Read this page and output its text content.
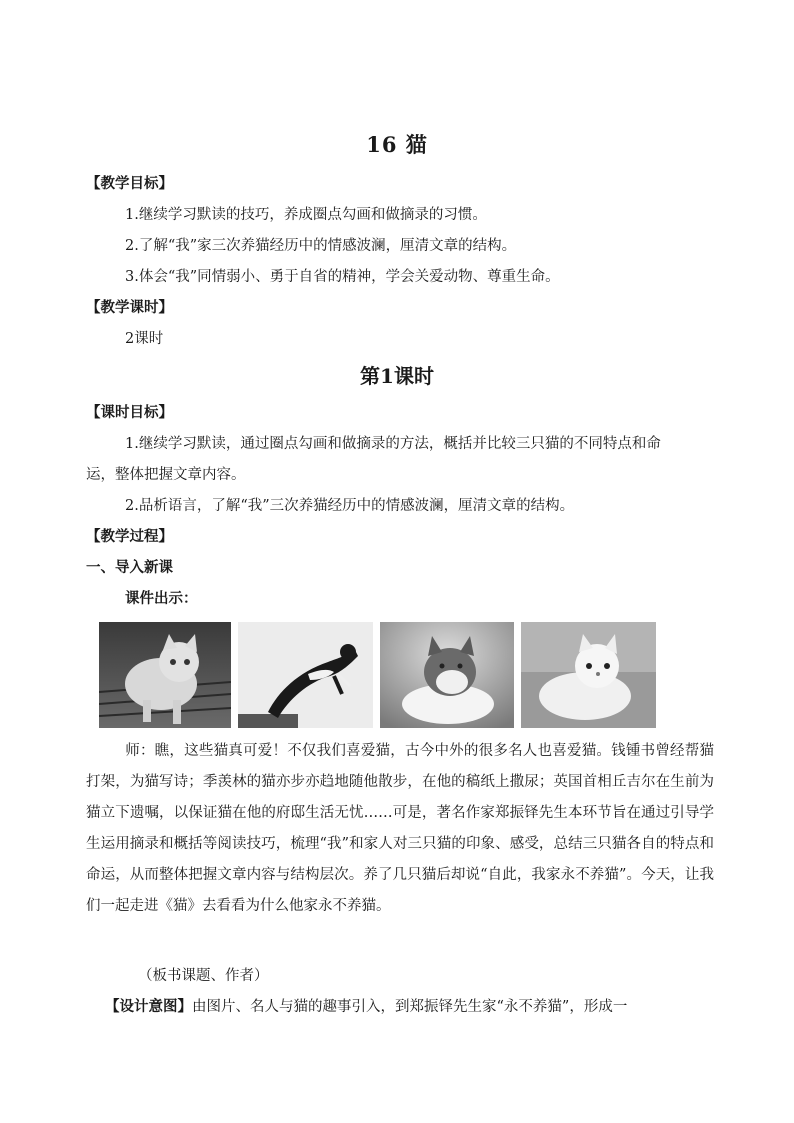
16 猫
【教学目标】
1.继续学习默读的技巧，养成圈点勾画和做摘录的习惯。
2.了解“我”家三次养猫经历中的情感波澜，厘清文章的结构。
3.体会“我”同情弱小、勇于自省的精神，学会关爱动物、尊重生命。
【教学课时】
2课时
第1课时
【课时目标】
1.继续学习默读，通过圈点勾画和做摘录的方法，概括并比较三只猫的不同特点和命
运，整体把握文章内容。
2.品析语言，了解“我”三次养猫经历中的情感波澜，厘清文章的结构。
【教学过程】
一、导入新课
课件出示：
师：瞧，这些猫真可爱！不仅我们喜爱猫，古今中外的很多名人也喜爱猫。钱锺书曾经帮猫打架，为猫写诗；季羡林的猫亦步亦趋地随他散步，在他的稿纸上撒尿；英国首相丘吉尔在生前为猫立下遗嘱，以保证猫在他的府邸生活无忧……可是，著名作家郑振铎先生本环节旨在通过引导学生运用摘录和概括等阅读技巧，梳理“我”和家人对三只猫的印象、感受，总结三只猫各自的特点和命运，从而整体把握文章内容与结构层次。养了几只猫后却说“自此，我家永不养猫”。今天，让我们一起走进《猫》去看看为什么他家永不养猫。
（板书课题、作者）
【设计意图】由图片、名人与猫的趣事引入，到郑振铎先生家“永不养猫”，形成一
